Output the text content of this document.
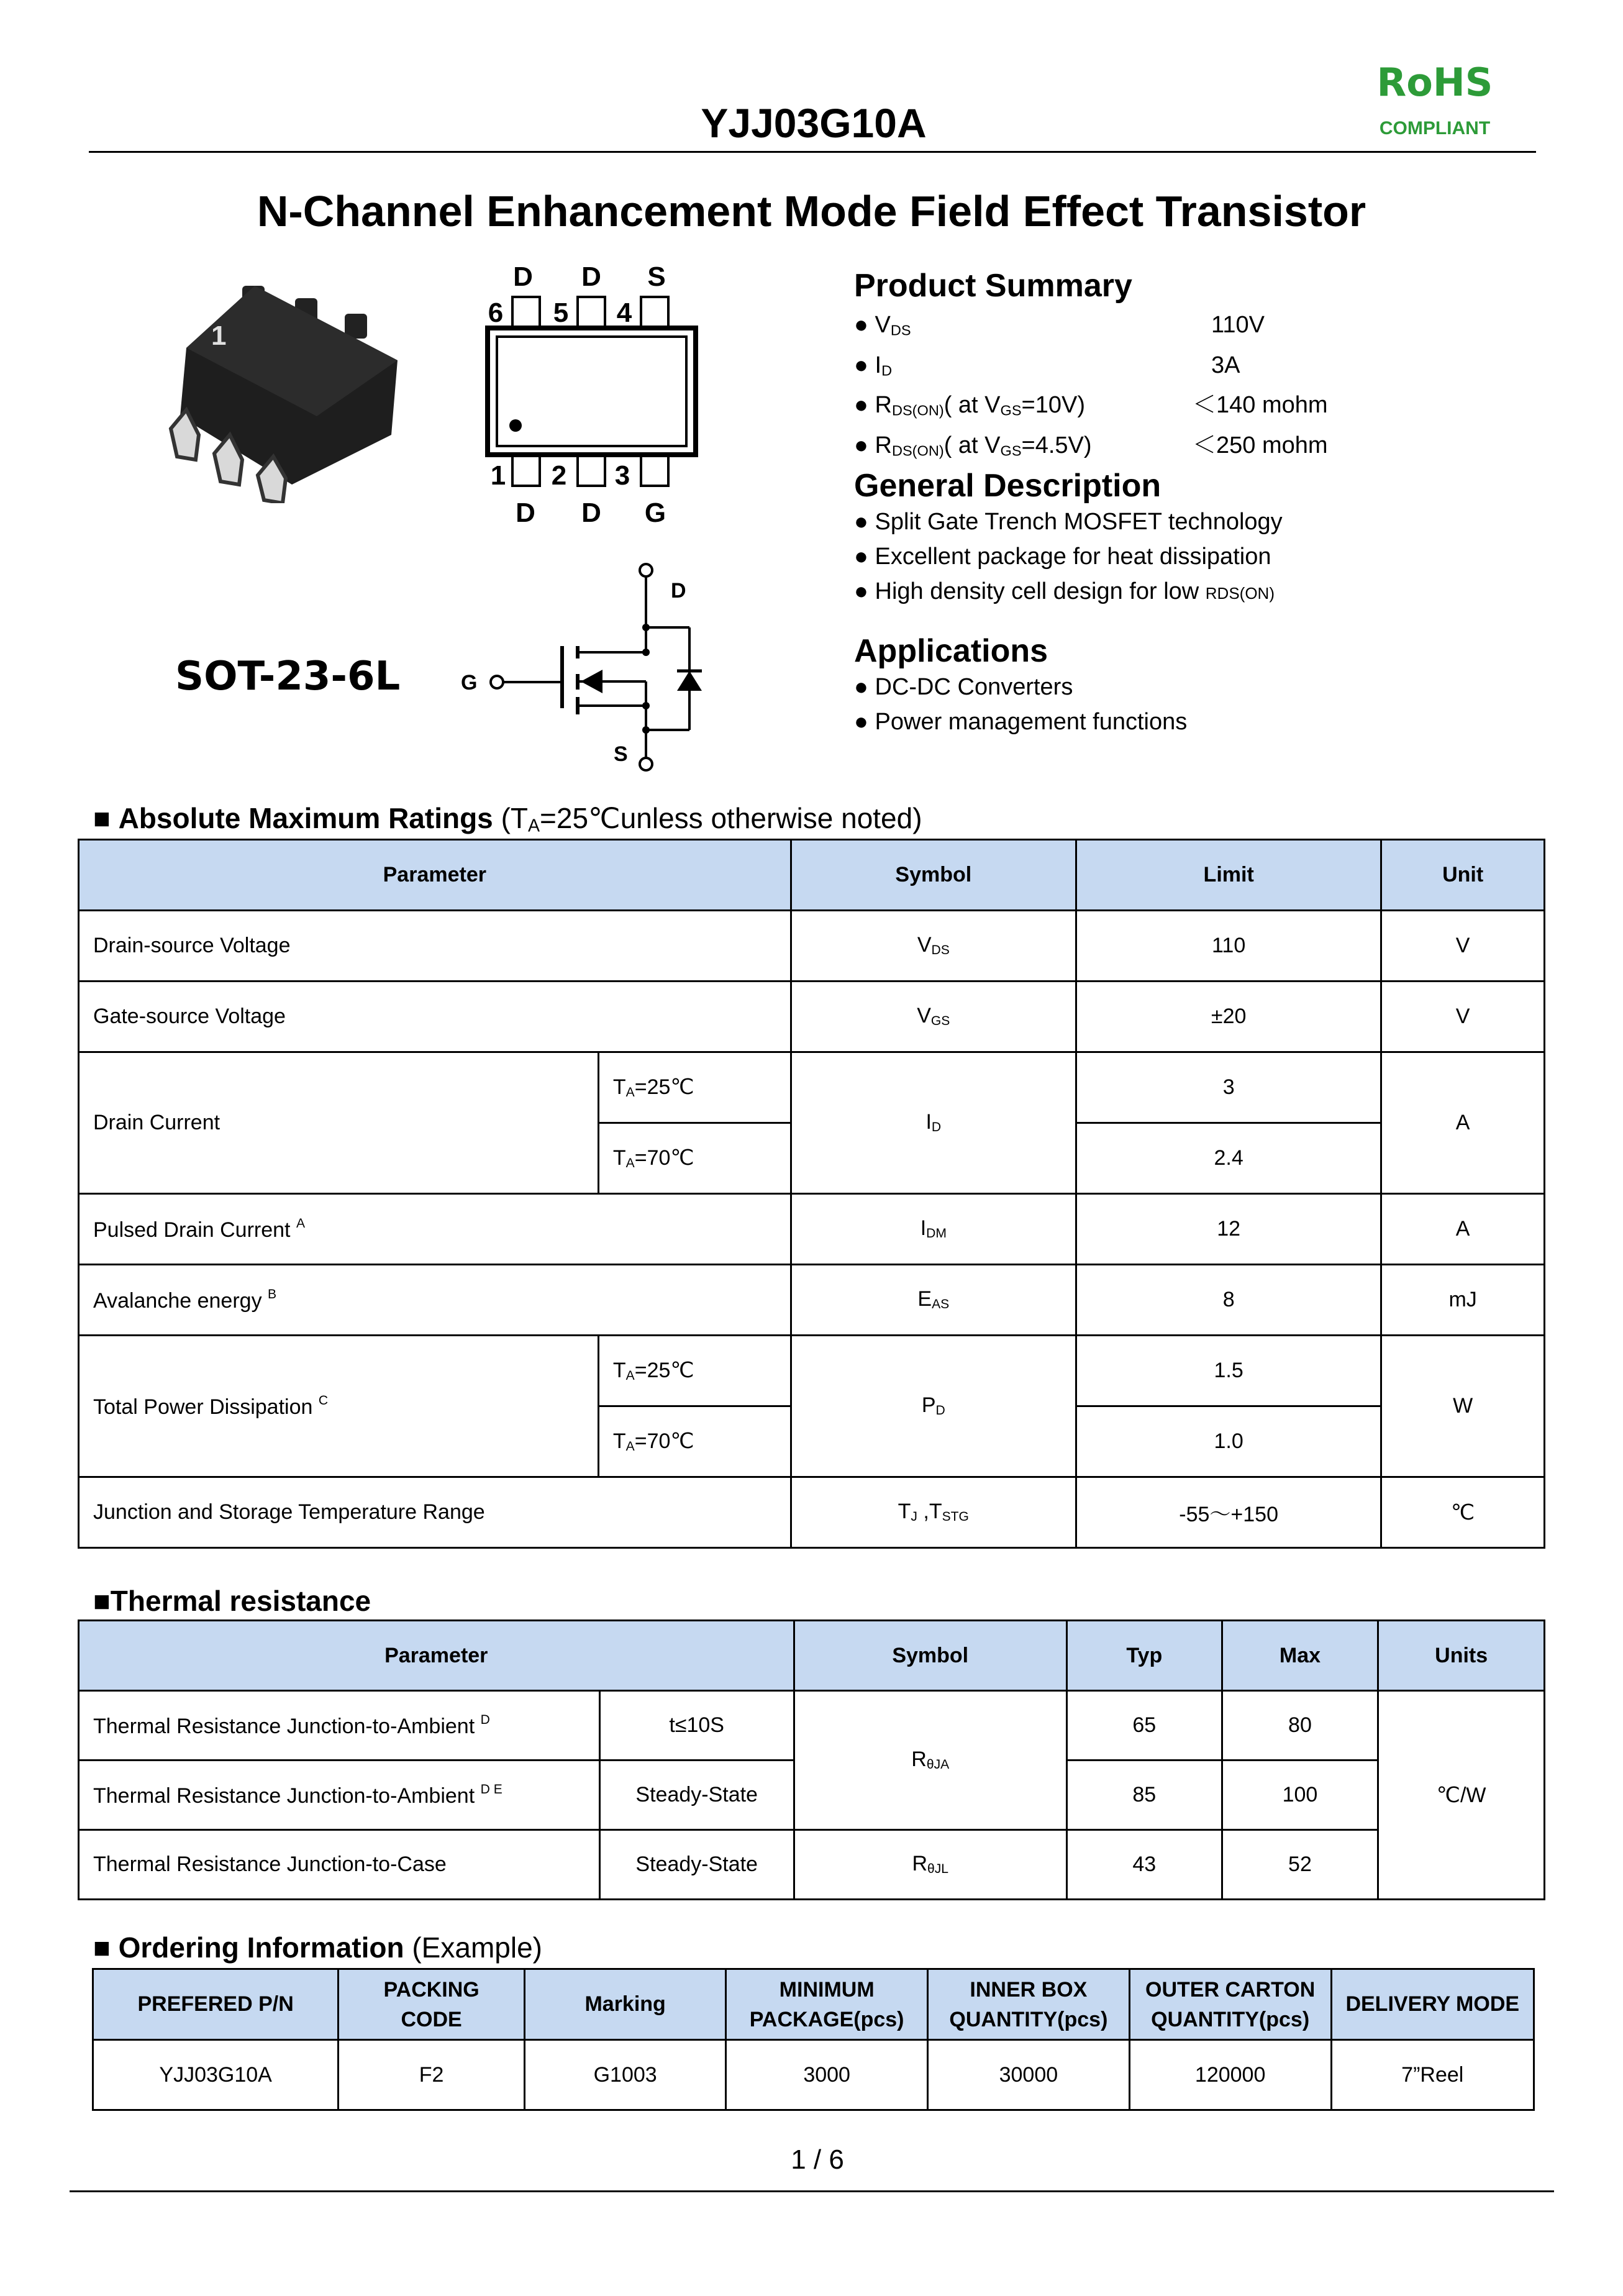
YJJ03G10A
RoHS
COMPLIANT
N-Channel Enhancement Mode Field Effect Transistor
1
D D S
6 5 4
1 2 3
D D G
SOT-23-6L
D
G
S
Product Summary
● $V_{DS}$	110V
● $I_D$	3A
● $R_{DS(ON)}$( at $V_{GS}=10V$)	＜140 mohm
● $R_{DS(ON)}$( at $V_{GS}=4.5V$)	＜250 mohm
General Description
● Split Gate Trench MOSFET technology
● Excellent package for heat dissipation
● High density cell design for low RDS(ON)
Applications
● DC-DC Converters
● Power management functions
■ Absolute Maximum Ratings ($T_A=25℃unless$ otherwise noted)
Parameter		Symbol	Limit	Unit
Drain-source Voltage		$V_{DS}$	110	V
Gate-source Voltage		$V_{GS}$	±20	V
Drain Current	$T_A=25℃$	$I_D$	3	A
	$T_A=70℃$		2.4	
Pulsed Drain Current $^A$		$I_{DM}$	12	A
Avalanche energy $^B$		$E_{AS}$	8	mJ
Total Power Dissipation $^C$	$T_A=25℃$	$P_D$	1.5	W
	$T_A=70℃$		1.0	
Junction and Storage Temperature Range		$T_J$ $,T_{STG}$	-55～+150	℃
■Thermal resistance
Parameter		Symbol	Typ	Max	Units
Thermal Resistance Junction-to-Ambient $^D$	t≤10S	$R_{\theta JA}$	65	80	℃/W
Thermal Resistance Junction-to-Ambient $^{D E}$	Steady-State		85	100	
Thermal Resistance Junction-to-Case	Steady-State	$R_{\theta JL}$	43	52	
■ Ordering Information (Example)
PREFERED P/N	PACKING CODE	Marking	MINIMUM PACKAGE(pcs)	INNER BOX QUANTITY(pcs)	OUTER CARTON QUANTITY(pcs)	DELIVERY MODE
YJJ03G10A	F2	G1003	3000	30000	120000	7”Reel
1 / 6
